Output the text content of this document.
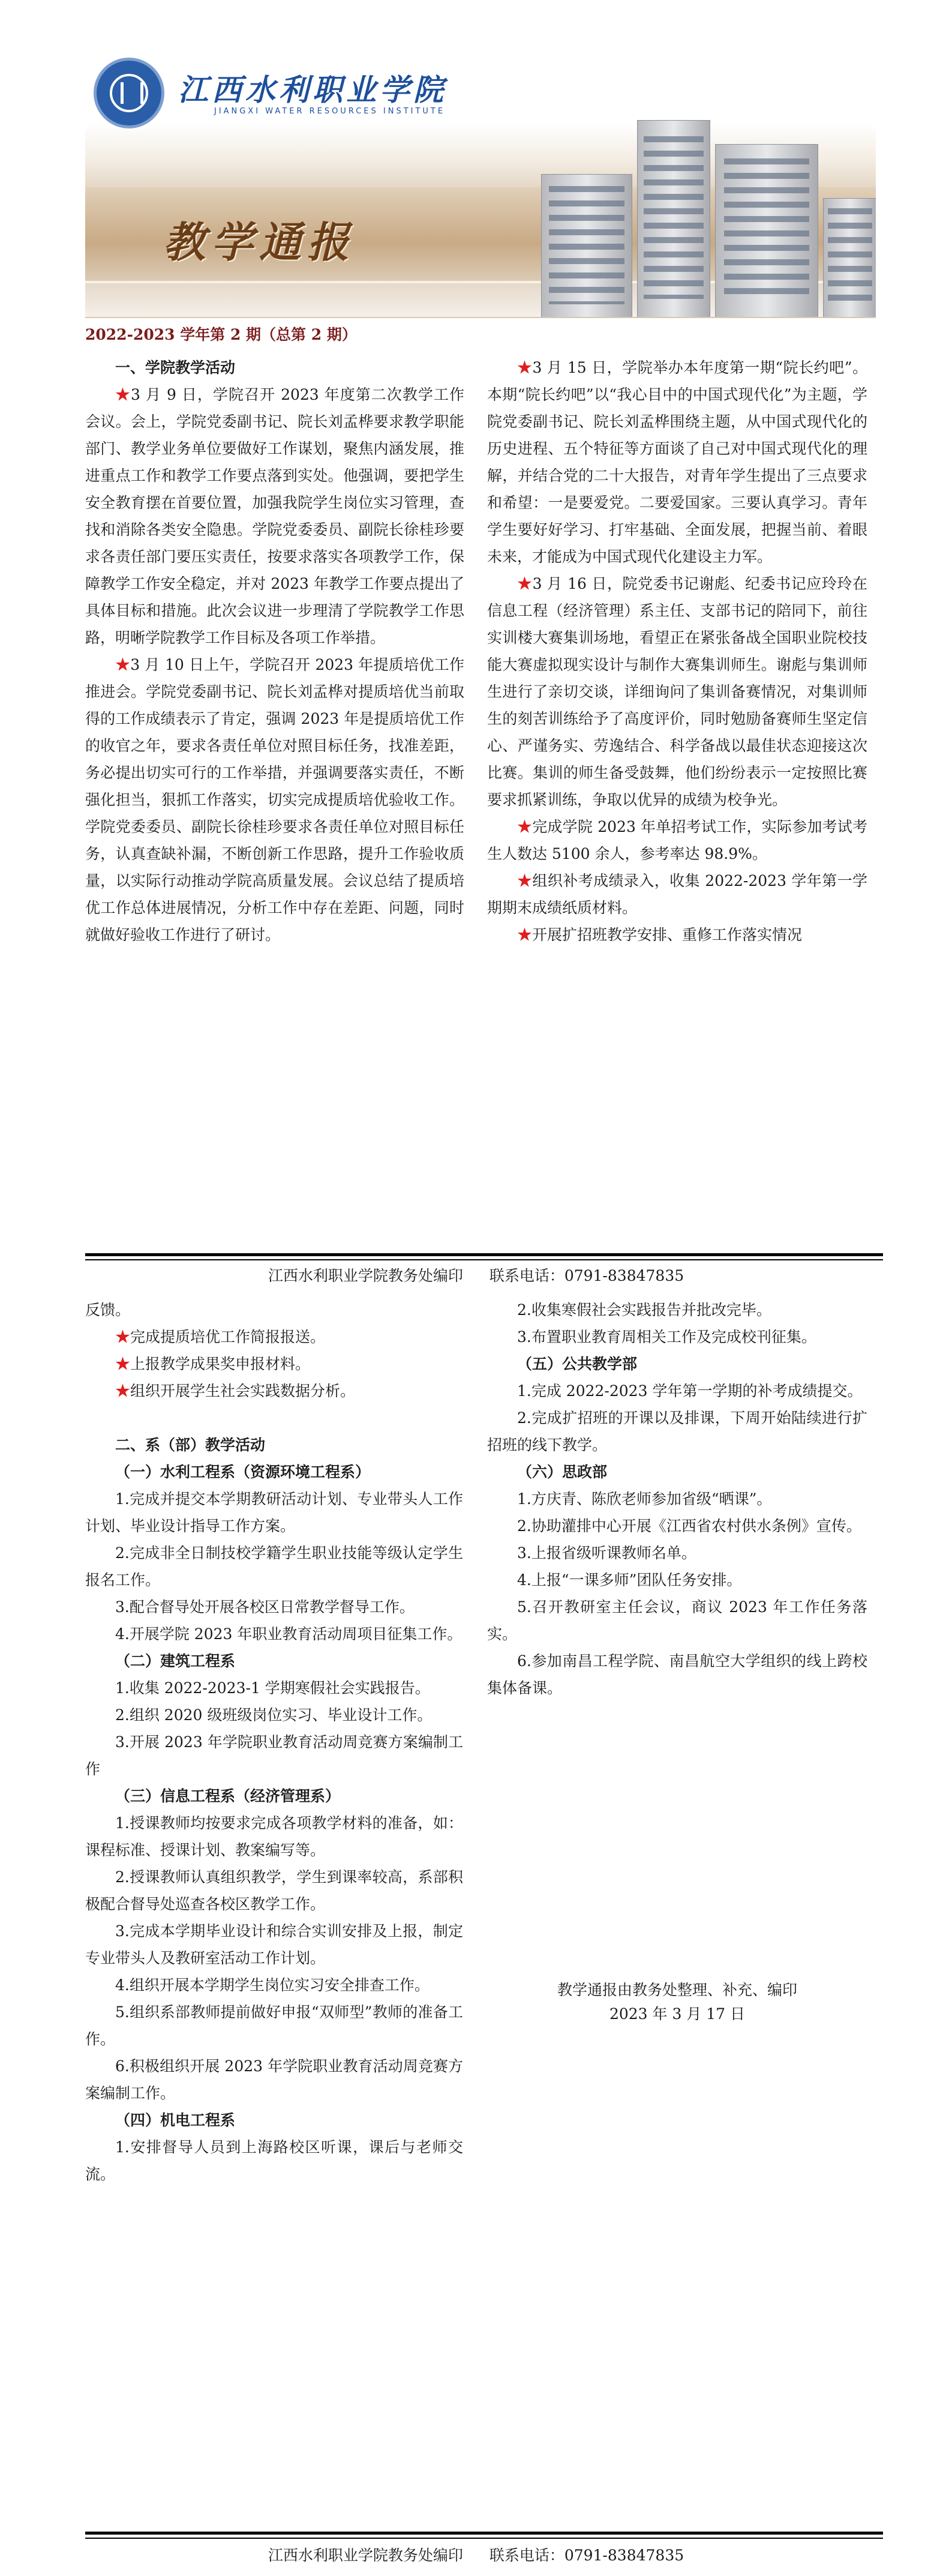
江西水利职业学院
JIANGXI WATER RESOURCES INSTITUTE
教学通报
2022-2023 学年第 2 期（总第 2 期）
一、学院教学活动

★3 月 9 日，学院召开 2023 年度第二次教学工作会议。会上，学院党委副书记、院长刘孟桦要求教学职能部门、教学业务单位要做好工作谋划，聚焦内涵发展，推进重点工作和教学工作要点落到实处。他强调，要把学生安全教育摆在首要位置，加强我院学生岗位实习管理，查找和消除各类安全隐患。学院党委委员、副院长徐桂珍要求各责任部门要压实责任，按要求落实各项教学工作，保障教学工作安全稳定，并对 2023 年教学工作要点提出了具体目标和措施。此次会议进一步理清了学院教学工作思路，明晰学院教学工作目标及各项工作举措。

★3 月 10 日上午，学院召开 2023 年提质培优工作推进会。学院党委副书记、院长刘孟桦对提质培优当前取得的工作成绩表示了肯定，强调 2023 年是提质培优工作的收官之年，要求各责任单位对照目标任务，找准差距，务必提出切实可行的工作举措，并强调要落实责任，不断强化担当，狠抓工作落实，切实完成提质培优验收工作。学院党委委员、副院长徐桂珍要求各责任单位对照目标任务，认真查缺补漏，不断创新工作思路，提升工作验收质量，以实际行动推动学院高质量发展。会议总结了提质培优工作总体进展情况，分析工作中存在差距、问题，同时就做好验收工作进行了研讨。

★3 月 15 日，学院举办本年度第一期“院长约吧”。本期“院长约吧”以“我心目中的中国式现代化”为主题，学院党委副书记、院长刘孟桦围绕主题，从中国式现代化的历史进程、五个特征等方面谈了自己对中国式现代化的理解，并结合党的二十大报告，对青年学生提出了三点要求和希望：一是要爱党。二要爱国家。三要认真学习。青年学生要好好学习、打牢基础、全面发展，把握当前、着眼未来，才能成为中国式现代化建设主力军。

★3 月 16 日，院党委书记谢彪、纪委书记应玲玲在信息工程（经济管理）系主任、支部书记的陪同下，前往实训楼大赛集训场地，看望正在紧张备战全国职业院校技能大赛虚拟现实设计与制作大赛集训师生。谢彪与集训师生进行了亲切交谈，详细询问了集训备赛情况，对集训师生的刻苦训练给予了高度评价，同时勉励备赛师生坚定信心、严谨务实、劳逸结合、科学备战以最佳状态迎接这次比赛。集训的师生备受鼓舞，他们纷纷表示一定按照比赛要求抓紧训练，争取以优异的成绩为校争光。

★完成学院 2023 年单招考试工作，实际参加考试考生人数达 5100 余人，参考率达 98.9%。

★组织补考成绩录入，收集 2022-2023 学年第一学期期末成绩纸质材料。

★开展扩招班教学安排、重修工作落实情况

江西水利职业学院教务处编印 联系电话：0791-83847835

反馈。

★完成提质培优工作简报报送。

★上报教学成果奖申报材料。

★组织开展学生社会实践数据分析。

二、系（部）教学活动
（一）水利工程系（资源环境工程系）

1.完成并提交本学期教研活动计划、专业带头人工作计划、毕业设计指导工作方案。

2.完成非全日制技校学籍学生职业技能等级认定学生报名工作。

3.配合督导处开展各校区日常教学督导工作。

4.开展学院 2023 年职业教育活动周项目征集工作。

（二）建筑工程系

1.收集 2022-2023-1 学期寒假社会实践报告。

2.组织 2020 级班级岗位实习、毕业设计工作。

3.开展 2023 年学院职业教育活动周竞赛方案编制工作

（三）信息工程系（经济管理系）

1.授课教师均按要求完成各项教学材料的准备，如：课程标准、授课计划、教案编写等。

2.授课教师认真组织教学，学生到课率较高，系部积极配合督导处巡查各校区教学工作。

3.完成本学期毕业设计和综合实训安排及上报，制定专业带头人及教研室活动工作计划。

4.组织开展本学期学生岗位实习安全排查工作。

5.组织系部教师提前做好申报“双师型”教师的准备工作。

6.积极组织开展 2023 年学院职业教育活动周竞赛方案编制工作。

（四）机电工程系

1.安排督导人员到上海路校区听课，课后与老师交流。

2.收集寒假社会实践报告并批改完毕。

3.布置职业教育周相关工作及完成校刊征集。

（五）公共教学部

1.完成 2022-2023 学年第一学期的补考成绩提交。

2.完成扩招班的开课以及排课，下周开始陆续进行扩招班的线下教学。

（六）思政部

1.方庆青、陈欣老师参加省级“晒课”。

2.协助灌排中心开展《江西省农村供水条例》宣传。

3.上报省级听课教师名单。

4.上报“一课多师”团队任务安排。

5.召开教研室主任会议，商议 2023 年工作任务落实。

6.参加南昌工程学院、南昌航空大学组织的线上跨校集体备课。

教学通报由教务处整理、补充、编印
2023 年 3 月 17 日
江西水利职业学院教务处编印 联系电话：0791-83847835
